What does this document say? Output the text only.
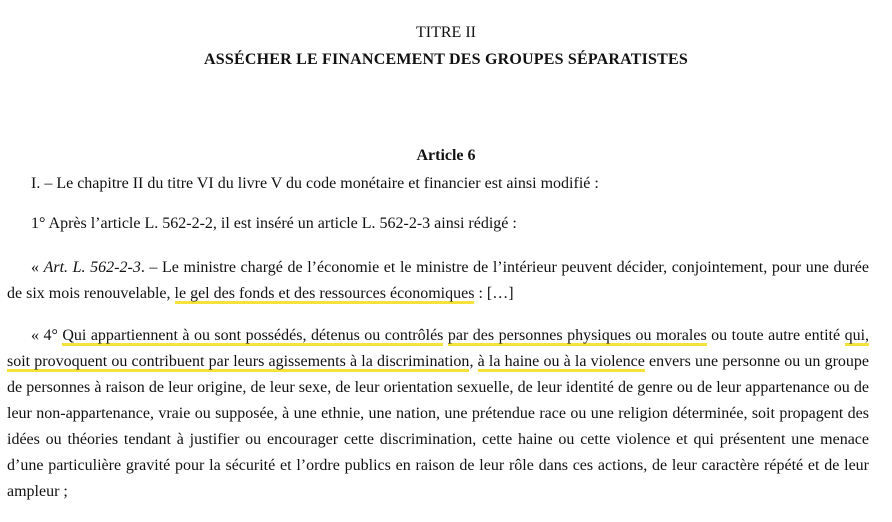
TITRE II

ASSÉCHER LE FINANCEMENT DES GROUPES SÉPARATISTES

Article 6

I. – Le chapitre II du titre VI du livre V du code monétaire et financier est ainsi modifié :

1° Après l’article L. 562-2-2, il est inséré un article L. 562-2-3 ainsi rédigé :

« Art. L. 562-2-3. – Le ministre chargé de l’économie et le ministre de l’intérieur peuvent décider, conjointement, pour une durée de six mois renouvelable, le gel des fonds et des ressources économiques : […]

« 4° Qui appartiennent à ou sont possédés, détenus ou contrôlés par des personnes physiques ou morales ou toute autre entité qui, soit provoquent ou contribuent par leurs agissements à la discrimination, à la haine ou à la violence envers une personne ou un groupe de personnes à raison de leur origine, de leur sexe, de leur orientation sexuelle, de leur identité de genre ou de leur appartenance ou de leur non-appartenance, vraie ou supposée, à une ethnie, une nation, une prétendue race ou une religion déterminée, soit propagent des idées ou théories tendant à justifier ou encourager cette discrimination, cette haine ou cette violence et qui présentent une menace d’une particulière gravité pour la sécurité et l’ordre publics en raison de leur rôle dans ces actions, de leur caractère répété et de leur ampleur ;
